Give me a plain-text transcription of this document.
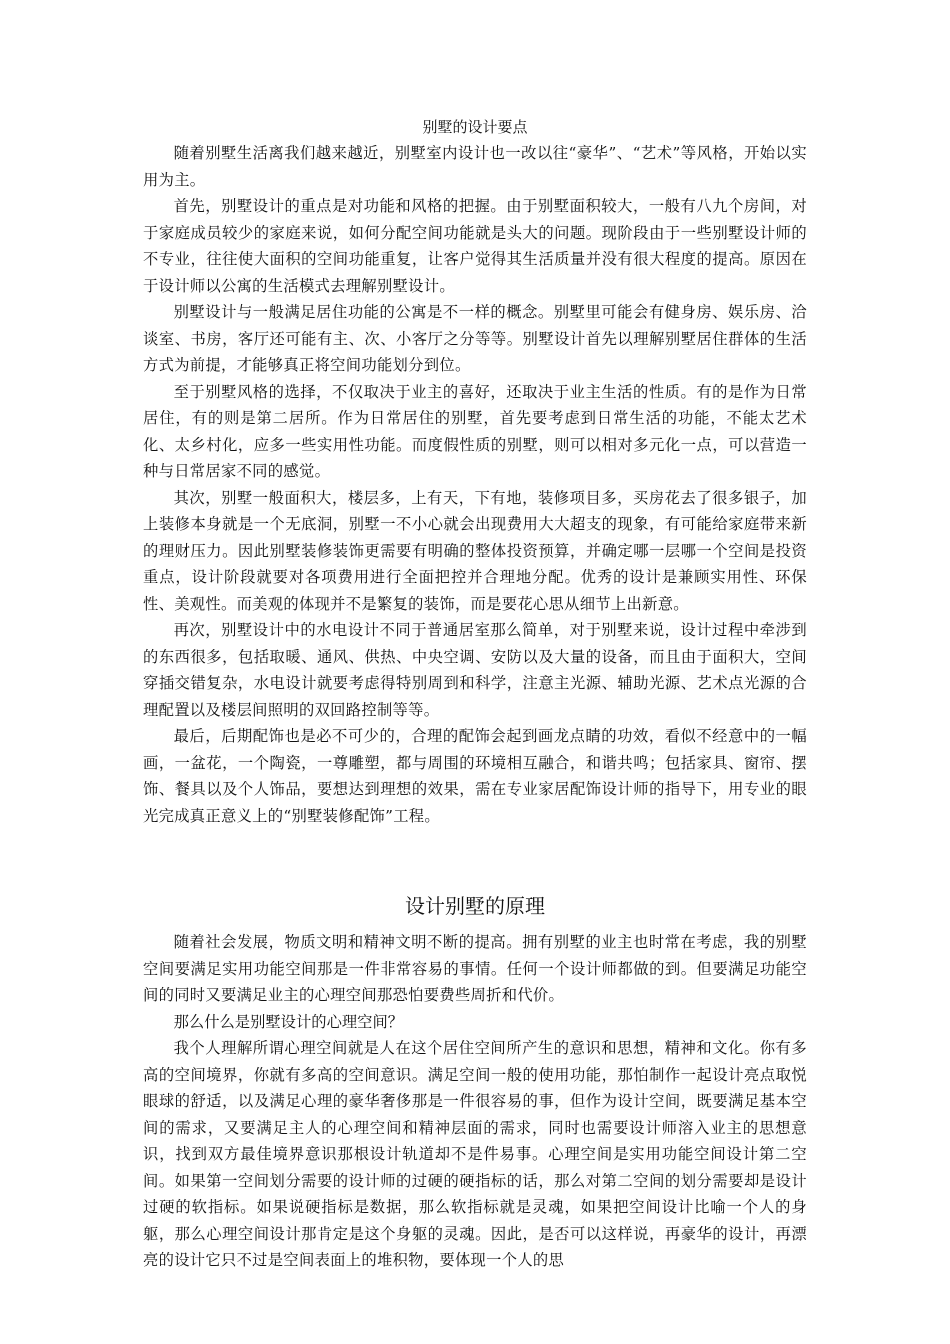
别墅的设计要点

随着别墅生活离我们越来越近，别墅室内设计也一改以往“豪华”、“艺术”等风格，开始以实用为主。

首先，别墅设计的重点是对功能和风格的把握。由于别墅面积较大，一般有八九个房间，对于家庭成员较少的家庭来说，如何分配空间功能就是头大的问题。现阶段由于一些别墅设计师的不专业，往往使大面积的空间功能重复，让客户觉得其生活质量并没有很大程度的提高。原因在于设计师以公寓的生活模式去理解别墅设计。

别墅设计与一般满足居住功能的公寓是不一样的概念。别墅里可能会有健身房、娱乐房、洽谈室、书房，客厅还可能有主、次、小客厅之分等等。别墅设计首先以理解别墅居住群体的生活方式为前提，才能够真正将空间功能划分到位。

至于别墅风格的选择，不仅取决于业主的喜好，还取决于业主生活的性质。有的是作为日常居住，有的则是第二居所。作为日常居住的别墅，首先要考虑到日常生活的功能，不能太艺术化、太乡村化，应多一些实用性功能。而度假性质的别墅，则可以相对多元化一点，可以营造一种与日常居家不同的感觉。

其次，别墅一般面积大，楼层多，上有天，下有地，装修项目多，买房花去了很多银子，加上装修本身就是一个无底洞，别墅一不小心就会出现费用大大超支的现象，有可能给家庭带来新的理财压力。因此别墅装修装饰更需要有明确的整体投资预算，并确定哪一层哪一个空间是投资重点，设计阶段就要对各项费用进行全面把控并合理地分配。优秀的设计是兼顾实用性、环保性、美观性。而美观的体现并不是繁复的装饰，而是要花心思从细节上出新意。

再次，别墅设计中的水电设计不同于普通居室那么简单，对于别墅来说，设计过程中牵涉到的东西很多，包括取暖、通风、供热、中央空调、安防以及大量的设备，而且由于面积大，空间穿插交错复杂，水电设计就要考虑得特别周到和科学，注意主光源、辅助光源、艺术点光源的合理配置以及楼层间照明的双回路控制等等。

最后，后期配饰也是必不可少的，合理的配饰会起到画龙点睛的功效，看似不经意中的一幅画，一盆花，一个陶瓷，一尊雕塑，都与周围的环境相互融合，和谐共鸣；包括家具、窗帘、摆饰、餐具以及个人饰品，要想达到理想的效果，需在专业家居配饰设计师的指导下，用专业的眼光完成真正意义上的“别墅装修配饰”工程。

设计别墅的原理

随着社会发展，物质文明和精神文明不断的提高。拥有别墅的业主也时常在考虑，我的别墅空间要满足实用功能空间那是一件非常容易的事情。任何一个设计师都做的到。但要满足功能空间的同时又要满足业主的心理空间那恐怕要费些周折和代价。

那么什么是别墅设计的心理空间？

我个人理解所谓心理空间就是人在这个居住空间所产生的意识和思想，精神和文化。你有多高的空间境界，你就有多高的空间意识。满足空间一般的使用功能，那怕制作一起设计亮点取悦眼球的舒适，以及满足心理的豪华奢侈那是一件很容易的事，但作为设计空间，既要满足基本空间的需求，又要满足主人的心理空间和精神层面的需求，同时也需要设计师溶入业主的思想意识，找到双方最佳境界意识那根设计轨道却不是件易事。心理空间是实用功能空间设计第二空间。如果第一空间划分需要的设计师的过硬的硬指标的话，那么对第二空间的划分需要却是设计过硬的软指标。如果说硬指标是数据，那么软指标就是灵魂，如果把空间设计比喻一个人的身躯，那么心理空间设计那肯定是这个身躯的灵魂。因此，是否可以这样说，再豪华的设计，再漂亮的设计它只不过是空间表面上的堆积物，要体现一个人的思
